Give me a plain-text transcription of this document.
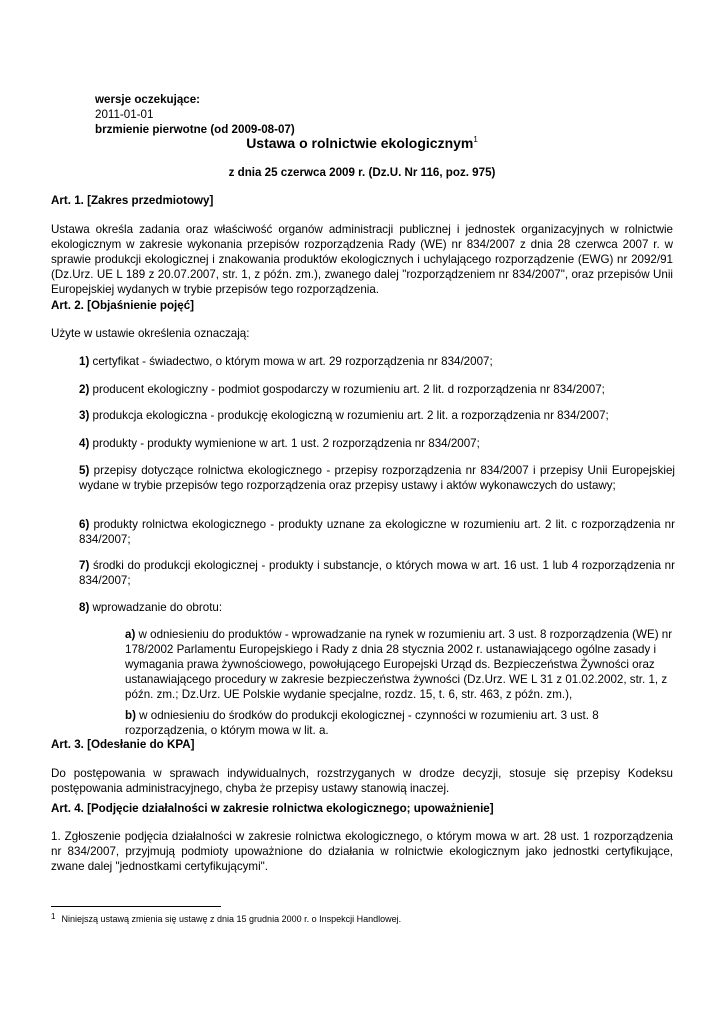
wersje oczekujące:
2011-01-01
brzmienie pierwotne (od 2009-08-07)
Ustawa o rolnictwie ekologicznym$^1$
z dnia 25 czerwca 2009 r. (Dz.U. Nr 116, poz. 975)
Art. 1. [Zakres przedmiotowy]
Ustawa określa zadania oraz właściwość organów administracji publicznej i jednostek organizacyjnych w rolnictwie ekologicznym w zakresie wykonania przepisów rozporządzenia Rady (WE) nr 834/2007 z dnia 28 czerwca 2007 r. w sprawie produkcji ekologicznej i znakowania produktów ekologicznych i uchylającego rozporządzenie (EWG) nr 2092/91 (Dz.Urz. UE L 189 z 20.07.2007, str. 1, z późn. zm.), zwanego dalej "rozporządzeniem nr 834/2007", oraz przepisów Unii Europejskiej wydanych w trybie przepisów tego rozporządzenia.
Art. 2. [Objaśnienie pojęć]
Użyte w ustawie określenia oznaczają:
1) certyfikat - świadectwo, o którym mowa w art. 29 rozporządzenia nr 834/2007;
2) producent ekologiczny - podmiot gospodarczy w rozumieniu art. 2 lit. d rozporządzenia nr 834/2007;
3) produkcja ekologiczna - produkcję ekologiczną w rozumieniu art. 2 lit. a rozporządzenia nr 834/2007;
4) produkty - produkty wymienione w art. 1 ust. 2 rozporządzenia nr 834/2007;
5) przepisy dotyczące rolnictwa ekologicznego - przepisy rozporządzenia nr 834/2007 i przepisy Unii Europejskiej wydane w trybie przepisów tego rozporządzenia oraz przepisy ustawy i aktów wykonawczych do ustawy;
6) produkty rolnictwa ekologicznego - produkty uznane za ekologiczne w rozumieniu art. 2 lit. c rozporządzenia nr 834/2007;
7) środki do produkcji ekologicznej - produkty i substancje, o których mowa w art. 16 ust. 1 lub 4 rozporządzenia nr 834/2007;
8) wprowadzanie do obrotu:
a) w odniesieniu do produktów - wprowadzanie na rynek w rozumieniu art. 3 ust. 8 rozporządzenia (WE) nr 178/2002 Parlamentu Europejskiego i Rady z dnia 28 stycznia 2002 r. ustanawiającego ogólne zasady i wymagania prawa żywnościowego, powołującego Europejski Urząd ds. Bezpieczeństwa Żywności oraz ustanawiającego procedury w zakresie bezpieczeństwa żywności (Dz.Urz. WE L 31 z 01.02.2002, str. 1, z późn. zm.; Dz.Urz. UE Polskie wydanie specjalne, rozdz. 15, t. 6, str. 463, z późn. zm.),
b) w odniesieniu do środków do produkcji ekologicznej - czynności w rozumieniu art. 3 ust. 8 rozporządzenia, o którym mowa w lit. a.
Art. 3. [Odesłanie do KPA]
Do postępowania w sprawach indywidualnych, rozstrzyganych w drodze decyzji, stosuje się przepisy Kodeksu postępowania administracyjnego, chyba że przepisy ustawy stanowią inaczej.
Art. 4. [Podjęcie działalności w zakresie rolnictwa ekologicznego; upoważnienie]
1. Zgłoszenie podjęcia działalności w zakresie rolnictwa ekologicznego, o którym mowa w art. 28 ust. 1 rozporządzenia nr 834/2007, przyjmują podmioty upoważnione do działania w rolnictwie ekologicznym jako jednostki certyfikujące, zwane dalej "jednostkami certyfikującymi".
1 Niniejszą ustawą zmienia się ustawę z dnia 15 grudnia 2000 r. o Inspekcji Handlowej.
